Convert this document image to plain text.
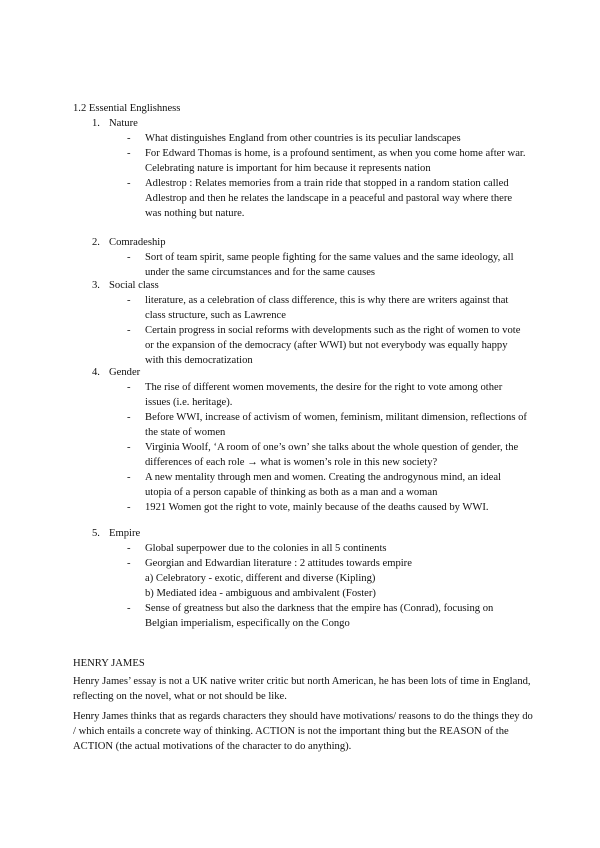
1.2 Essential Englishness
1. Nature

- What distinguishes England from other countries is its peculiar landscapes

- For Edward Thomas is home, is a profound sentiment, as when you come home after war. Celebrating nature is important for him because it represents nation

- Adlestrop : Relates memories from a train ride that stopped in a random station called Adlestrop and then he relates the landscape in a peaceful and pastoral way where there was nothing but nature.

2. Comradeship

- Sort of team spirit, same people fighting for the same values and the same ideology, all under the same circumstances and for the same causes

3. Social class

- literature, as a celebration of class difference, this is why there are writers against that class structure, such as Lawrence

- Certain progress in social reforms with developments such as the right of women to vote or the expansion of the democracy (after WWI) but not everybody was equally happy with this democratization

4. Gender

- The rise of different women movements, the desire for the right to vote among other issues (i.e. heritage).

- Before WWI, increase of activism of women, feminism, militant dimension, reflections of the state of women

- Virginia Woolf, ‘A room of one’s own’ she talks about the whole question of gender, the differences of each role → what is women’s role in this new society?

- A new mentality through men and women. Creating the androgynous mind, an ideal utopia of a person capable of thinking as both as a man and a woman

- 1921 Women got the right to vote, mainly because of the deaths caused by WWI.

5. Empire

- Global superpower due to the colonies in all 5 continents

- Georgian and Edwardian literature : 2 attitudes towards empire

a) Celebratory - exotic, different and diverse (Kipling)

b) Mediated idea - ambiguous and ambivalent (Foster)

- Sense of greatness but also the darkness that the empire has (Conrad), focusing on Belgian imperialism, especifically on the Congo

HENRY JAMES

Henry James’ essay is not a UK native writer critic but north American, he has been lots of time in England, reflecting on the novel, what or not should be like.

Henry James thinks that as regards characters they should have motivations/ reasons to do the things they do / which entails a concrete way of thinking. ACTION is not the important thing but the REASON of the ACTION (the actual motivations of the character to do anything).
